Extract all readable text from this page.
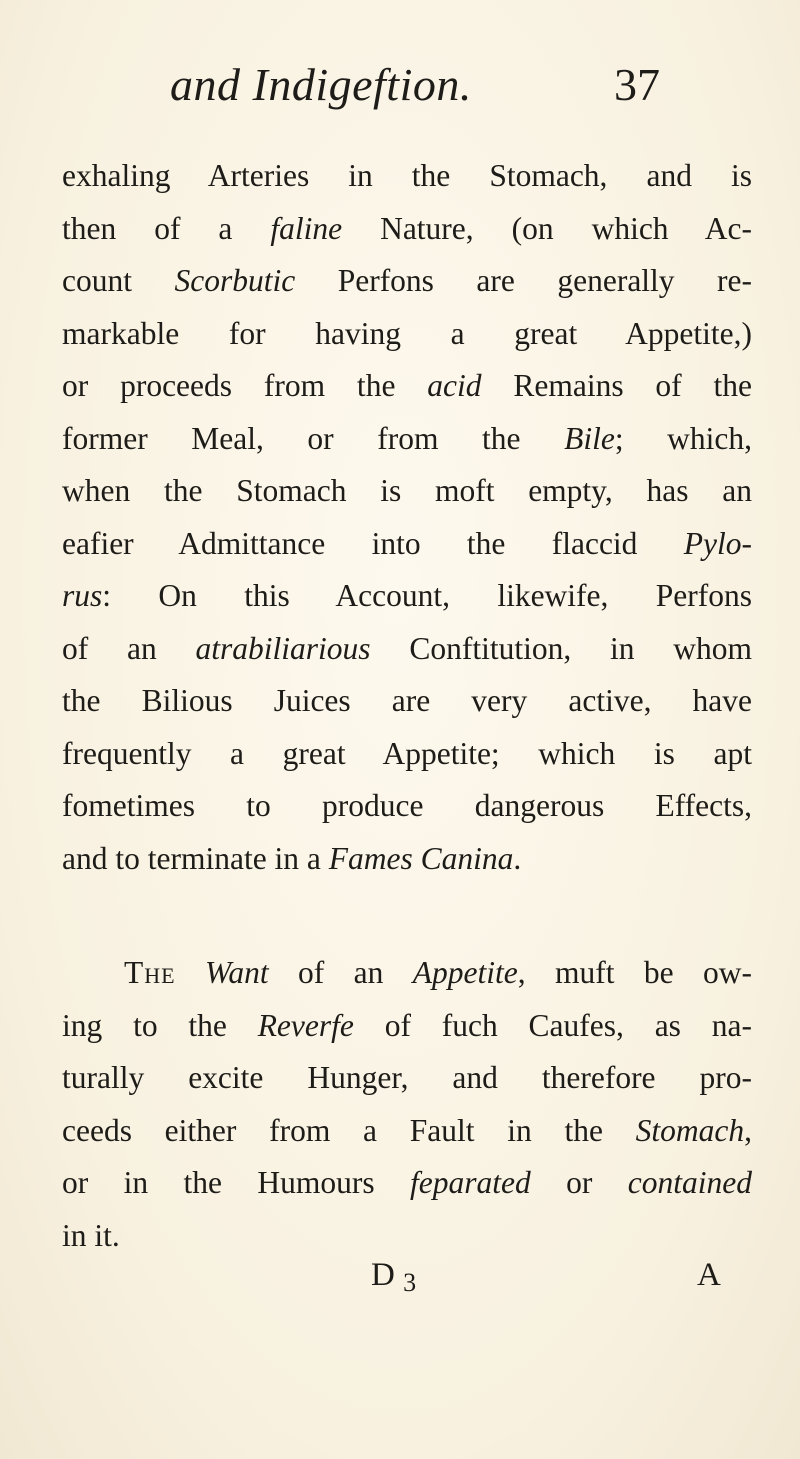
and Indigeftion.	37
exhaling Arteries in the Stomach, and is
then of a faline Nature, (on which Ac-
count Scorbutic Perfons are generally re-
markable for having a great Appetite,)
or proceeds from the acid Remains of the
former Meal, or from the Bile; which,
when the Stomach is moft empty, has an
eafier Admittance into the flaccid Pylo-
rus: On this Account, likewife, Perfons
of an atrabiliarious Conftitution, in whom
the Bilious Juices are very active, have
frequently a great Appetite; which is apt
fometimes to produce dangerous Effects,
and to terminate in a Fames Canina.
The Want of an Appetite, muft be ow-
ing to the Reverfe of fuch Caufes, as na-
turally excite Hunger, and therefore pro-
ceeds either from a Fault in the Stomach,
or in the Humours feparated or contained
in it.
D $_3$	A
